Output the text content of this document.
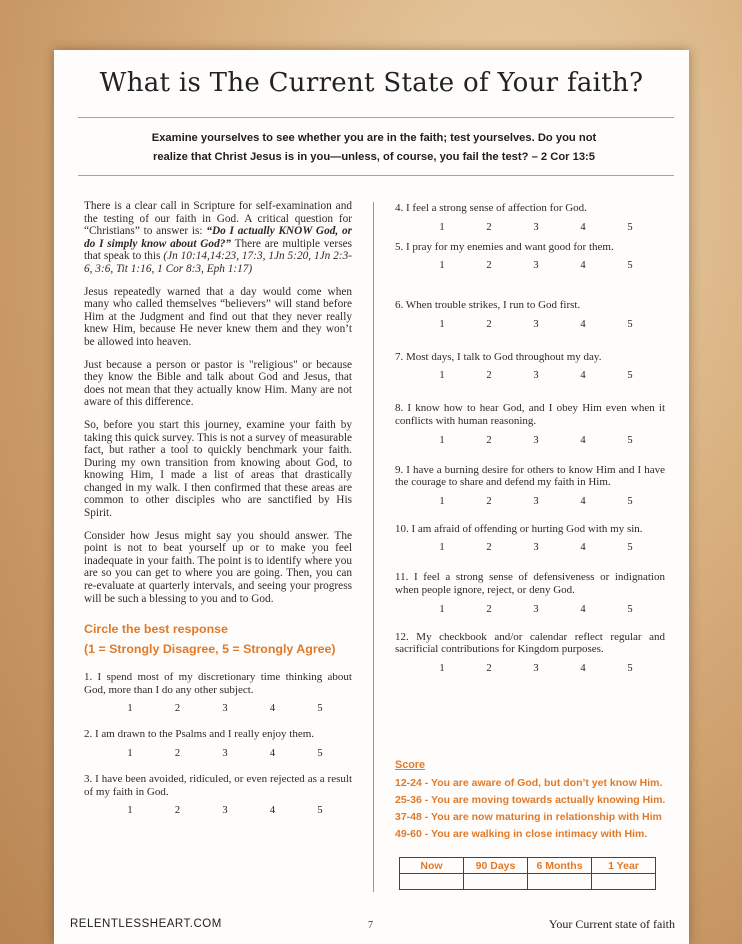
What is The Current State of Your faith?
Examine yourselves to see whether you are in the faith; test yourselves. Do you not
realize that Christ Jesus is in you—unless, of course, you fail the test? – 2 Cor 13:5

There is a clear call in Scripture for self-examination and the testing of our faith in God. A critical question for “Christians” to answer is: “Do I actually KNOW God, or do I simply know about God?” There are multiple verses that speak to this (Jn 10:14,14:23, 17:3, 1Jn 5:20, 1Jn 2:3-6, 3:6, Tit 1:16, 1 Cor 8:3, Eph 1:17)

Jesus repeatedly warned that a day would come when many who called themselves “believers” will stand before Him at the Judgment and find out that they never really knew Him, because He never knew them and they won’t be allowed into heaven.

Just because a person or pastor is "religious" or because they know the Bible and talk about God and Jesus, that does not mean that they actually know Him. Many are not aware of this difference.

So, before you start this journey, examine your faith by taking this quick survey. This is not a survey of measurable fact, but rather a tool to quickly benchmark your faith. During my own transition from knowing about God, to knowing Him, I made a list of areas that drastically changed in my walk. I then confirmed that these areas are common to other disciples who are sanctified by His Spirit.

Consider how Jesus might say you should answer. The point is not to beat yourself up or to make you feel inadequate in your faith. The point is to identify where you are so you can get to where you are going. Then, you can re-evaluate at quarterly intervals, and seeing your progress will be such a blessing to you and to God.

Circle the best response
(1 = Strongly Disagree, 5 = Strongly Agree)
1. I spend most of my discretionary time thinking about God, more than I do any other subject.
1	2	3	4	5
2. I am drawn to the Psalms and I really enjoy them.
1	2	3	4	5
3. I have been avoided, ridiculed, or even rejected as a result of my faith in God.
1	2	3	4	5
4. I feel a strong sense of affection for God.
1	2	3	4	5
5. I pray for my enemies and want good for them.
1	2	3	4	5
6. When trouble strikes, I run to God first.
1	2	3	4	5
7. Most days, I talk to God throughout my day.
1	2	3	4	5
8. I know how to hear God, and I obey Him even when it conflicts with human reasoning.
1	2	3	4	5
9. I have a burning desire for others to know Him and I have the courage to share and defend my faith in Him.
1	2	3	4	5
10. I am afraid of offending or hurting God with my sin.
1	2	3	4	5
11. I feel a strong sense of defensiveness or indignation when people ignore, reject, or deny God.
1	2	3	4	5
12. My checkbook and/or calendar reflect regular and sacrificial contributions for Kingdom purposes.
1	2	3	4	5
Score
12-24 - You are aware of God, but don’t yet know Him.
25-36 - You are moving towards actually knowing Him.
37-48 - You are now maturing in relationship with Him
49-60 - You are walking in close intimacy with Him.
Now	90 Days	6 Months	1 Year

RELENTLESSHEART.COM	7	Your Current state of faith
